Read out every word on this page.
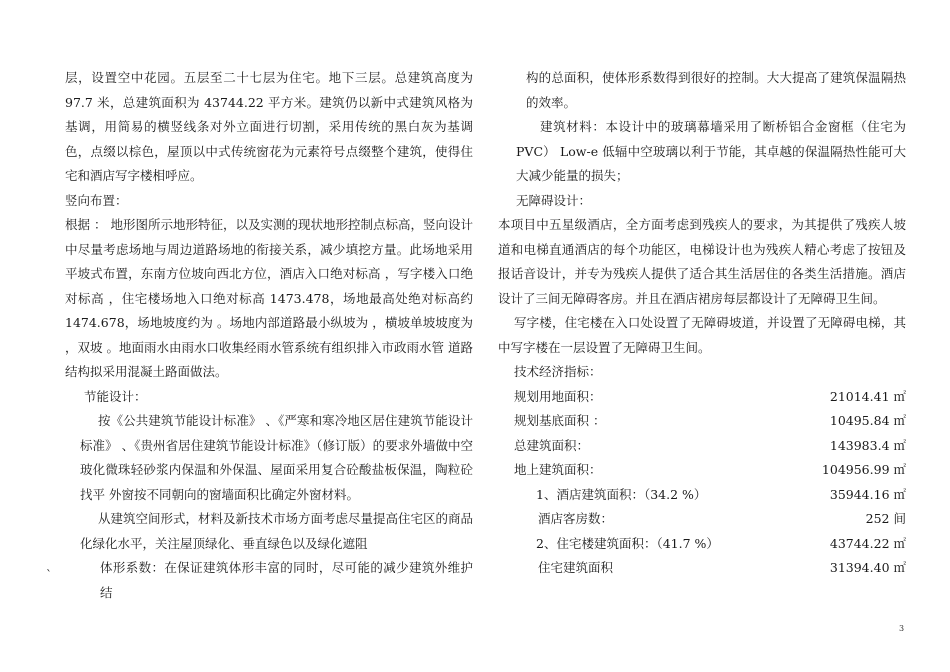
层，设置空中花园。五层至二十七层为住宅。地下三层。总建筑高度为 97.7 米，总建筑面积为 43744.22 平方米。建筑仍以新中式建筑风格为基调，用简易的横竖线条对外立面进行切割，采用传统的黑白灰为基调色，点缀以棕色，屋顶以中式传统窗花为元素符号点缀整个建筑，使得住宅和酒店写字楼相呼应。

竖向布置：

根据 ： 地形图所示地形特征，以及实测的现状地形控制点标高，竖向设计中尽量考虑场地与周边道路场地的衔接关系，减少填挖方量。此场地采用平坡式布置，东南方位坡向西北方位，酒店入口绝对标高 ，写字楼入口绝对标高 ，住宅楼场地入口绝对标高 1473.478，场地最高处绝对标高约 1474.678，场地坡度约为 。场地内部道路最小纵坡为 ，横坡单坡坡度为 ，双坡 。地面雨水由雨水口收集经雨水管系统有组织排入市政雨水管 道路结构拟采用混凝土路面做法。

节能设计：

按《公共建筑节能设计标准》 、《严寒和寒冷地区居住建筑节能设计标准》 、《贵州省居住建筑节能设计标准》（修订版）的要求外墙做中空玻化微珠轻砂浆内保温和外保温、屋面采用复合砼酸盐板保温，陶粒砼找平 外窗按不同朝向的窗墙面积比确定外窗材料。

从建筑空间形式，材料及新技术市场方面考虑尽量提高住宅区的商品化绿化水平，关注屋顶绿化、垂直绿色以及绿化遮阻

体形系数：在保证建筑体形丰富的同时，尽可能的减少建筑外维护结

`

构的总面积，使体形系数得到很好的控制。大大提高了建筑保温隔热的效率。

建筑材料：本设计中的玻璃幕墙采用了断桥铝合金窗框（住宅为 PVC） Low-e 低辐中空玻璃以利于节能，其卓越的保温隔热性能可大大减少能量的损失；

无障碍设计：

本项目中五星级酒店，全方面考虑到残疾人的要求，为其提供了残疾人坡道和电梯直通酒店的每个功能区，电梯设计也为残疾人精心考虑了按钮及报话音设计，并专为残疾人提供了适合其生活居住的各类生活措施。酒店设计了三间无障碍客房。并且在酒店裙房每层都设计了无障碍卫生间。

写字楼，住宅楼在入口处设置了无障碍坡道，并设置了无障碍电梯，其中写字楼在一层设置了无障碍卫生间。

技术经济指标：

规划用地面积：	21014.41 ㎡
规划基底面积 ：	10495.84 ㎡
总建筑面积：	143983.4 ㎡
地上建筑面积：	104956.99 ㎡
1、酒店建筑面积：（34.2 %）	35944.16 ㎡
酒店客房数：	252 间
2、住宅楼建筑面积：（41.7 %）	43744.22 ㎡
住宅建筑面积	31394.40 ㎡
3
